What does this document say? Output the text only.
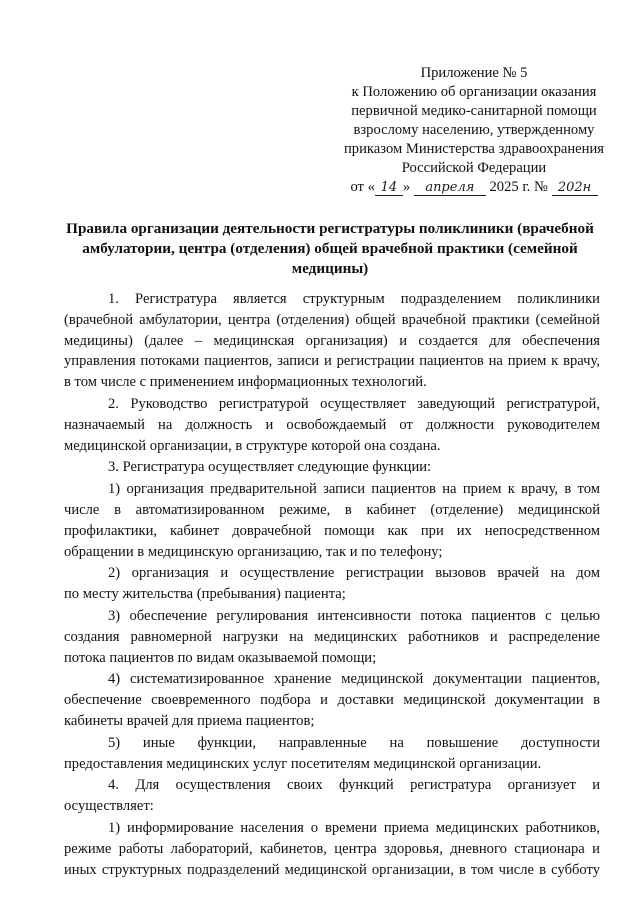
Приложение № 5
к Положению об организации оказания
первичной медико-санитарной помощи
взрослому населению, утвержденному
приказом Министерства здравоохранения
Российской Федерации
от « 14 » апреля 2025 г. № 202н
Правила организации деятельности регистратуры поликлиники (врачебной
амбулатории, центра (отделения) общей врачебной практики (семейной
медицины)
1. Регистратура является структурным подразделением поликлиники
(врачебной амбулатории, центра (отделения) общей врачебной практики (семейной
медицины) (далее – медицинская организация) и создается для обеспечения
управления потоками пациентов, записи и регистрации пациентов на прием к врачу,
в том числе с применением информационных технологий.
2. Руководство регистратурой осуществляет заведующий регистратурой,
назначаемый на должность и освобождаемый от должности руководителем
медицинской организации, в структуре которой она создана.
3. Регистратура осуществляет следующие функции:
1) организация предварительной записи пациентов на прием к врачу, в том
числе в автоматизированном режиме, в кабинет (отделение) медицинской
профилактики, кабинет доврачебной помощи как при их непосредственном
обращении в медицинскую организацию, так и по телефону;
2) организация и осуществление регистрации вызовов врачей на дом
по месту жительства (пребывания) пациента;
3) обеспечение регулирования интенсивности потока пациентов с целью
создания равномерной нагрузки на медицинских работников и распределение
потока пациентов по видам оказываемой помощи;
4) систематизированное хранение медицинской документации пациентов,
обеспечение своевременного подбора и доставки медицинской документации в
кабинеты врачей для приема пациентов;
5) иные функции, направленные на повышение доступности
предоставления медицинских услуг посетителям медицинской организации.
4. Для осуществления своих функций регистратура организует и
осуществляет:
1) информирование населения о времени приема медицинских работников,
режиме работы лабораторий, кабинетов, центра здоровья, дневного стационара и
иных структурных подразделений медицинской организации, в том числе в субботу
